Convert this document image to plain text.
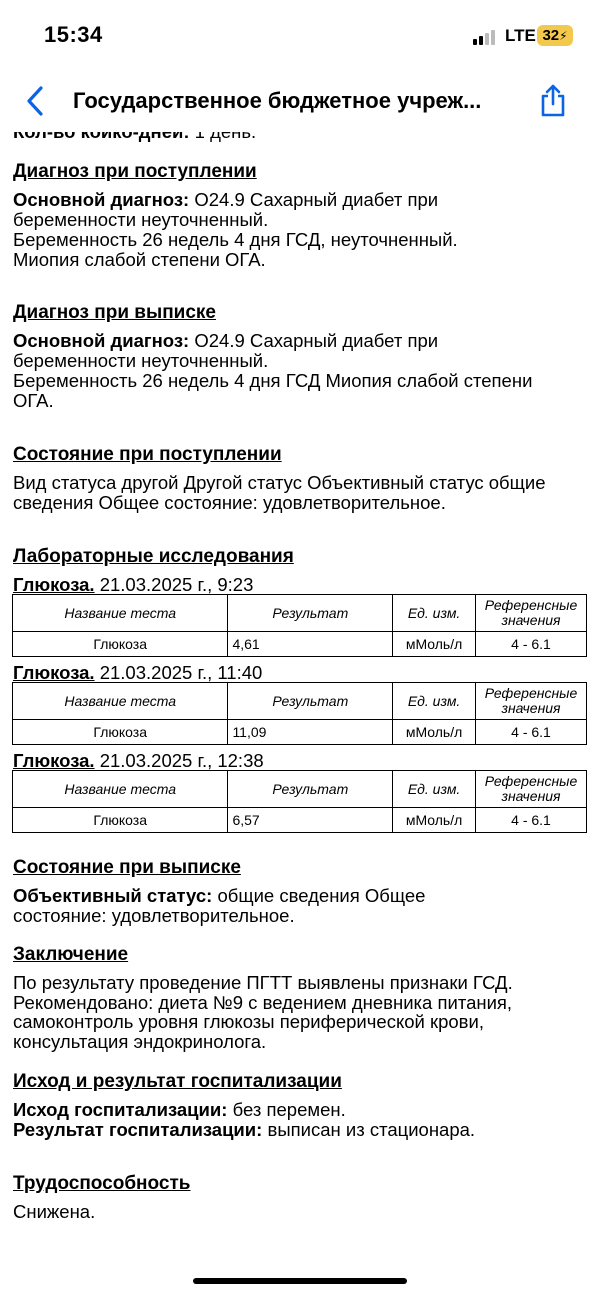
15:34	LTE 32⚡
Государственное бюджетное учреж...
Диагноз при поступлении
Основной диагноз: О24.9 Сахарный диабет при беременности неуточненный.
Беременность 26 недель 4 дня ГСД, неуточненный.
Миопия слабой степени ОГА.
Диагноз при выписке
Основной диагноз: О24.9 Сахарный диабет при беременности неуточненный.
Беременность 26 недель 4 дня ГСД Миопия слабой степени ОГА.
Состояние при поступлении
Вид статуса другой Другой статус Объективный статус общие сведения Общее состояние: удовлетворительное.
Лабораторные исследования
Глюкоза. 21.03.2025 г., 9:23
Название теста	Результат	Ед. изм.	Референсные значения
Глюкоза	4,61	мМоль/л	4 - 6.1
Глюкоза. 21.03.2025 г., 11:40
Название теста	Результат	Ед. изм.	Референсные значения
Глюкоза	11,09	мМоль/л	4 - 6.1
Глюкоза. 21.03.2025 г., 12:38
Название теста	Результат	Ед. изм.	Референсные значения
Глюкоза	6,57	мМоль/л	4 - 6.1
Состояние при выписке
Объективный статус: общие сведения Общее состояние: удовлетворительное.
Заключение
По результату проведение ПГТТ выявлены признаки ГСД. Рекомендовано: диета №9 с ведением дневника питания, самоконтроль уровня глюкозы периферической крови, консультация эндокринолога.
Исход и результат госпитализации
Исход госпитализации: без перемен.
Результат госпитализации: выписан из стационара.
Трудоспособность
Снижена.
